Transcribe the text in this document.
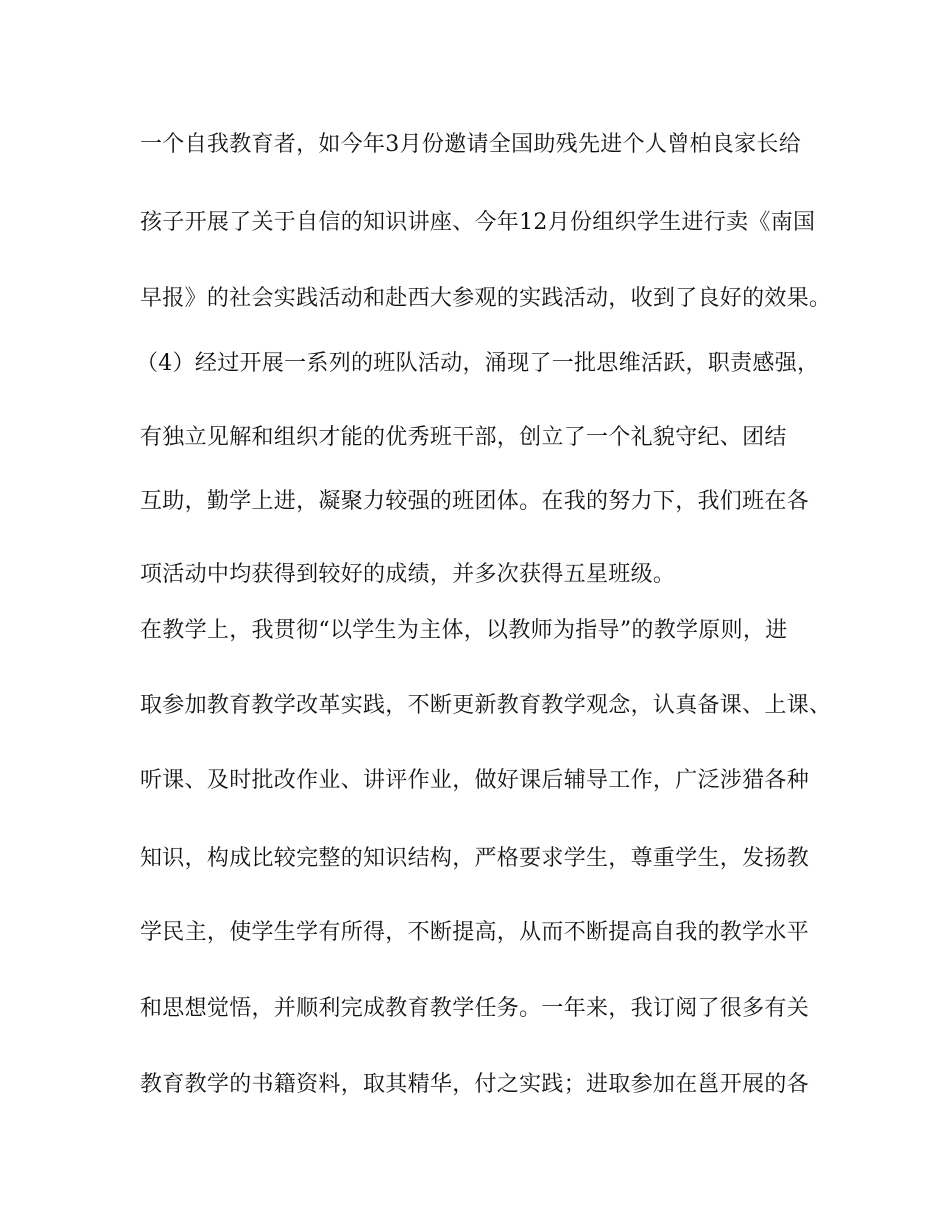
一个自我教育者，如今年3月份邀请全国助残先进个人曾柏良家长给
孩子开展了关于自信的知识讲座、今年12月份组织学生进行卖《南国
早报》的社会实践活动和赴西大参观的实践活动，收到了良好的效果。
（4）经过开展一系列的班队活动，涌现了一批思维活跃，职责感强，
有独立见解和组织才能的优秀班干部，创立了一个礼貌守纪、团结
互助，勤学上进，凝聚力较强的班团体。在我的努力下，我们班在各
项活动中均获得到较好的成绩，并多次获得五星班级。
在教学上，我贯彻“以学生为主体，以教师为指导”的教学原则，进
取参加教育教学改革实践，不断更新教育教学观念，认真备课、上课、
听课、及时批改作业、讲评作业，做好课后辅导工作，广泛涉猎各种
知识，构成比较完整的知识结构，严格要求学生，尊重学生，发扬教
学民主，使学生学有所得，不断提高，从而不断提高自我的教学水平
和思想觉悟，并顺利完成教育教学任务。一年来，我订阅了很多有关
教育教学的书籍资料，取其精华，付之实践；进取参加在邕开展的各
